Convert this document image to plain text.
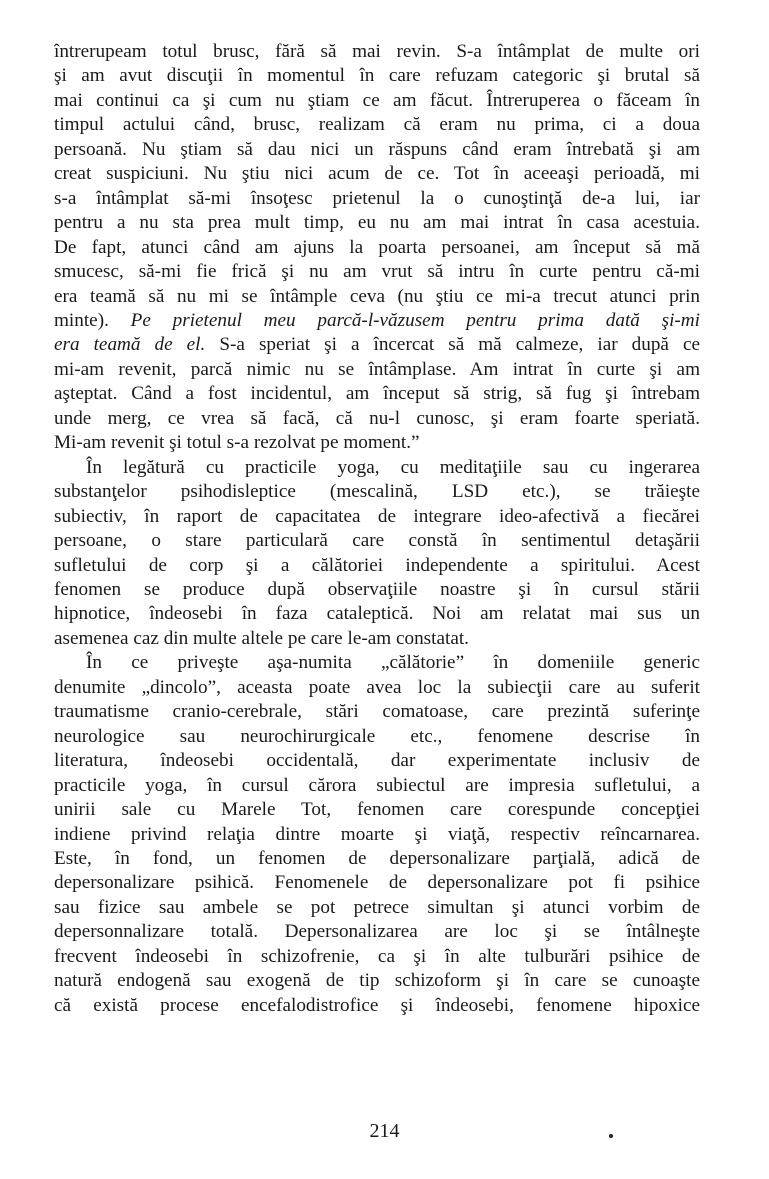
întrerupeam totul brusc, fără să mai revin. S-a întâmplat de multe ori
şi am avut discuţii în momentul în care refuzam categoric şi brutal să
mai continui ca şi cum nu ştiam ce am făcut. Întreruperea o făceam în
timpul actului când, brusc, realizam că eram nu prima, ci a doua
persoană. Nu ştiam să dau nici un răspuns când eram întrebată şi am
creat suspiciuni. Nu ştiu nici acum de ce. Tot în aceeaşi perioadă, mi
s-a întâmplat să-mi însoţesc prietenul la o cunoştinţă de-a lui, iar
pentru a nu sta prea mult timp, eu nu am mai intrat în casa acestuia.
De fapt, atunci când am ajuns la poarta persoanei, am început să mă
smucesc, să-mi fie frică şi nu am vrut să intru în curte pentru că-mi
era teamă să nu mi se întâmple ceva (nu ştiu ce mi-a trecut atunci prin
minte). Pe prietenul meu parcă-l-văzusem pentru prima dată şi-mi
era teamă de el. S-a speriat şi a încercat să mă calmeze, iar după ce
mi-am revenit, parcă nimic nu se întâmplase. Am intrat în curte şi am
aşteptat. Când a fost incidentul, am început să strig, să fug şi întrebam
unde merg, ce vrea să facă, că nu-l cunosc, şi eram foarte speriată.
Mi-am revenit şi totul s-a rezolvat pe moment.”
În legătură cu practicile yoga, cu meditaţiile sau cu ingerarea
substanţelor psihodisleptice (mescalină, LSD etc.), se trăieşte
subiectiv, în raport de capacitatea de integrare ideo-afectivă a fiecărei
persoane, o stare particulară care constă în sentimentul detaşării
sufletului de corp şi a călătoriei independente a spiritului. Acest
fenomen se produce după observaţiile noastre şi în cursul stării
hipnotice, îndeosebi în faza cataleptică. Noi am relatat mai sus un
asemenea caz din multe altele pe care le-am constatat.
În ce priveşte aşa-numita „călătorie” în domeniile generic
denumite „dincolo”, aceasta poate avea loc la subiecţii care au suferit
traumatisme cranio-cerebrale, stări comatoase, care prezintă suferinţe
neurologice sau neurochirurgicale etc., fenomene descrise în
literatura, îndeosebi occidentală, dar experimentate inclusiv de
practicile yoga, în cursul cărora subiectul are impresia sufletului, a
unirii sale cu Marele Tot, fenomen care corespunde concepţiei
indiene privind relaţia dintre moarte şi viaţă, respectiv reîncarnarea.
Este, în fond, un fenomen de depersonalizare parţială, adică de
depersonalizare psihică. Fenomenele de depersonalizare pot fi psihice
sau fizice sau ambele se pot petrece simultan şi atunci vorbim de
depersonnalizare totală. Depersonalizarea are loc şi se întâlneşte
frecvent îndeosebi în schizofrenie, ca şi în alte tulburări psihice de
natură endogenă sau exogenă de tip schizoform şi în care se cunoaşte
că există procese encefalodistrofice şi îndeosebi, fenomene hipoxice
214
